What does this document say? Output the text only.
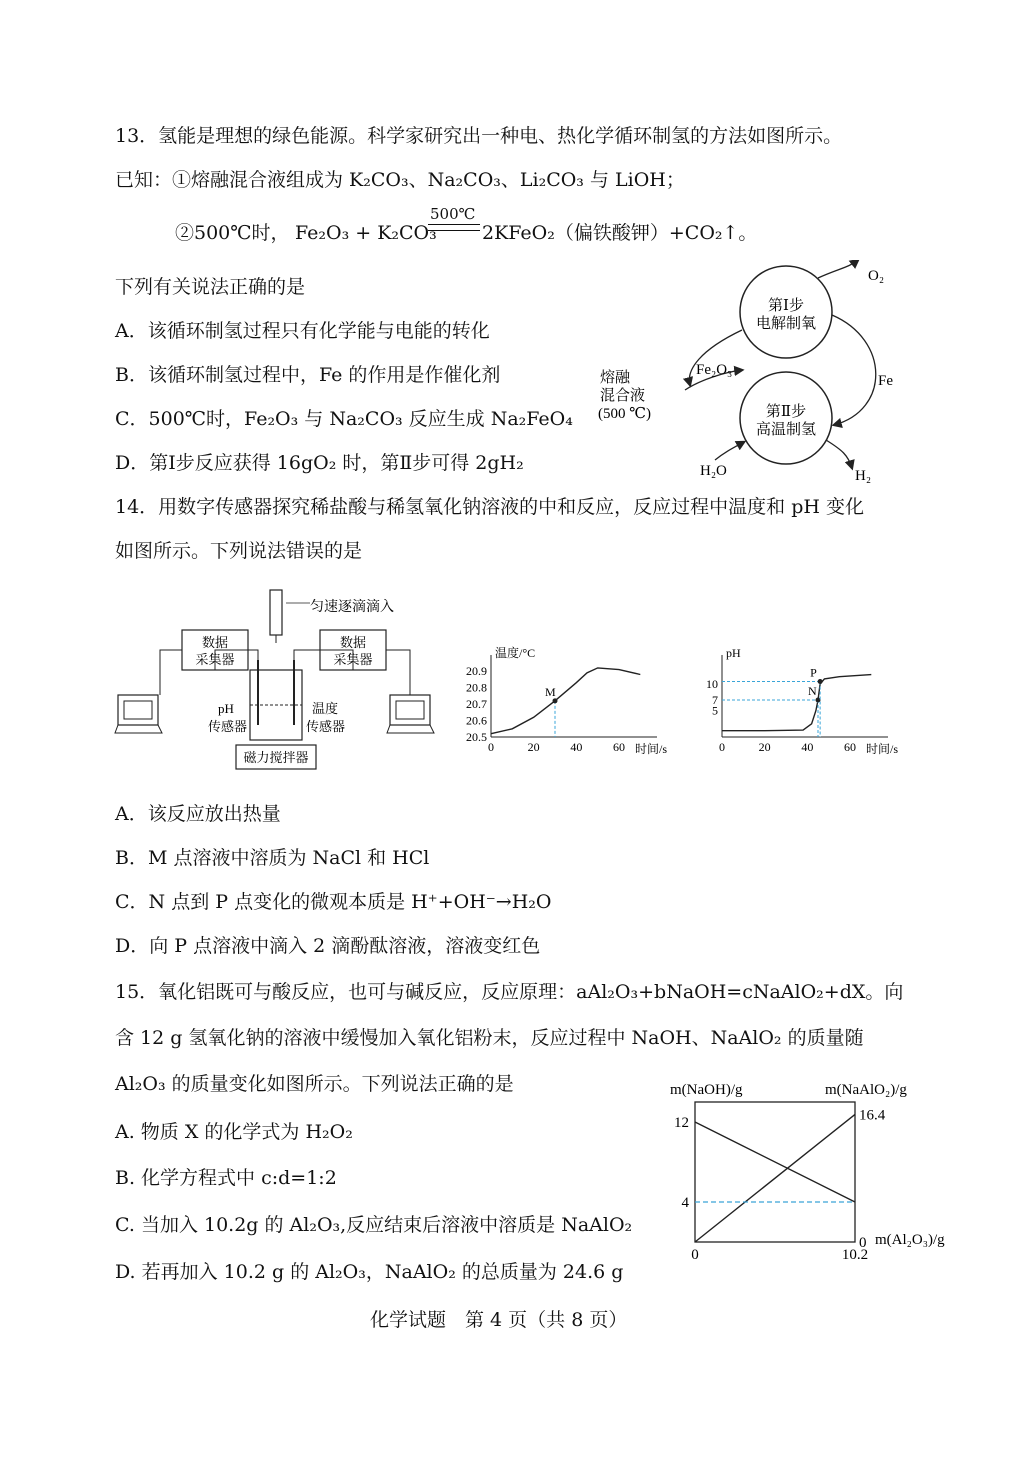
13．氢能是理想的绿色能源。科学家研究出一种电、热化学循环制氢的方法如图所示。
已知：①熔融混合液组成为 K₂CO₃、Na₂CO₃、Li₂CO₃ 与 LiOH；
②500℃时， Fe₂O₃ + K₂CO₃
500℃
2KFeO₂（偏铁酸钾）+CO₂↑。
下列有关说法正确的是
A．该循环制氢过程只有化学能与电能的转化
B．该循环制氢过程中，Fe 的作用是作催化剂
C．500℃时，Fe₂O₃ 与 Na₂CO₃ 反应生成 Na₂FeO₄
D．第Ⅰ步反应获得 16gO₂ 时，第Ⅱ步可得 2gH₂
第Ⅰ步
电解制氧
第Ⅱ步
高温制氢
O₂
Fe₂O₃
Fe
熔融
混合液
(500 ℃)
H₂O	H₂
14．用数字传感器探究稀盐酸与稀氢氧化钠溶液的中和反应，反应过程中温度和 pH 变化
如图所示。下列说法错误的是
匀速逐滴滴入
数据
采集器
数据
采集器
pH
传感器
温度
传感器
磁力搅拌器
温度/°C
时间/s
0	20	40	60
20.5
20.6
20.7
20.8
20.9
M
pH
时间/s
0	20	40	60
5
7
10	N
P
A．该反应放出热量
B．M 点溶液中溶质为 NaCl 和 HCl
C．N 点到 P 点变化的微观本质是 H⁺+OH⁻→H₂O
D．向 P 点溶液中滴入 2 滴酚酞溶液，溶液变红色
15．氧化铝既可与酸反应，也可与碱反应，反应原理：aAl₂O₃+bNaOH=cNaAlO₂+dX。向
含 12 g 氢氧化钠的溶液中缓慢加入氧化铝粉末，反应过程中 NaOH、NaAlO₂ 的质量随
Al₂O₃ 的质量变化如图所示。下列说法正确的是
A. 物质 X 的化学式为 H₂O₂
B. 化学方程式中 c:d=1:2
C. 当加入 10.2g 的 Al₂O₃,反应结束后溶液中溶质是 NaAlO₂
D. 若再加入 10.2 g 的 Al₂O₃，NaAlO₂ 的总质量为 24.6 g
m(NaOH)/g	m(NaAlO₂)/g
m(Al₂O₃)/g
0	10.2
4
12
0
16.4
化学试题　第 4 页（共 8 页）
